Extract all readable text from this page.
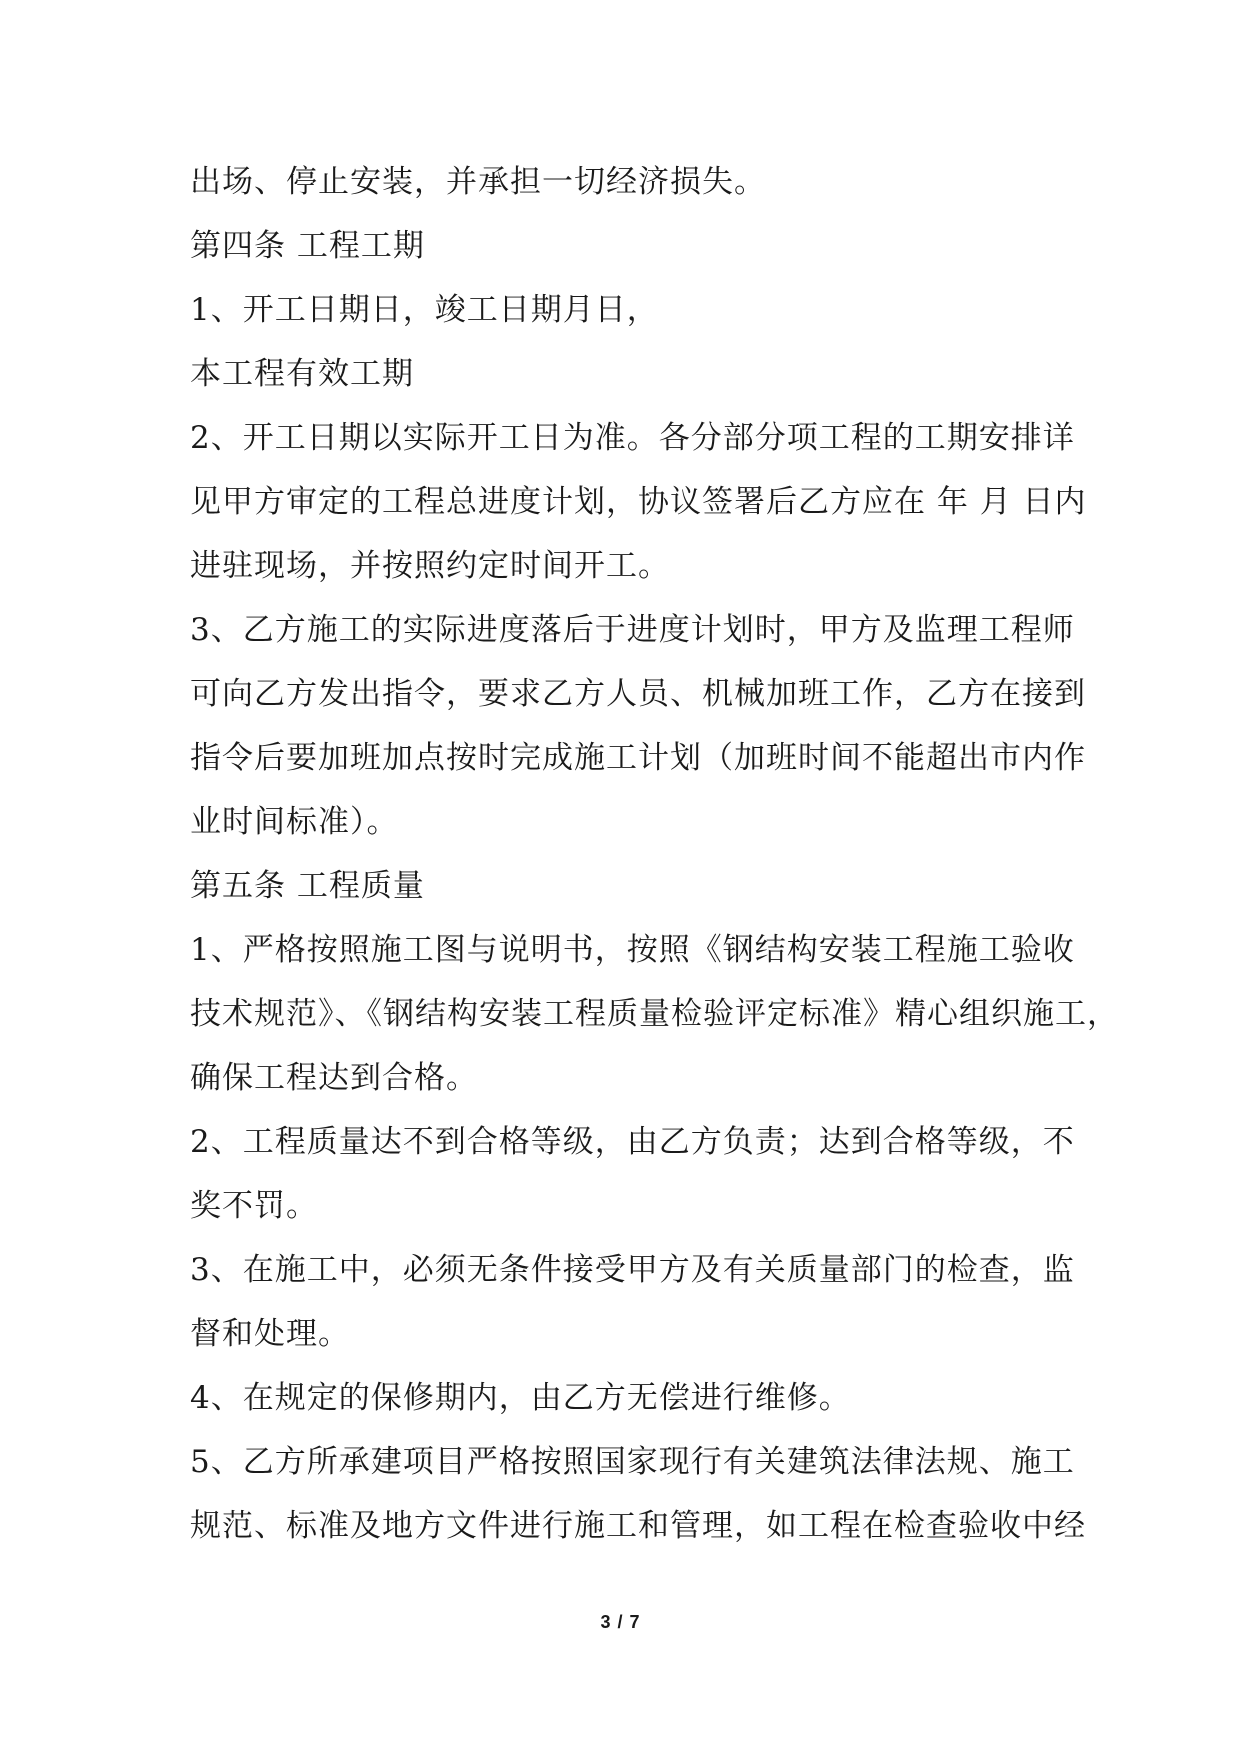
出场、停止安装，并承担一切经济损失。
第四条 工程工期
1、开工日期日，竣工日期月日，
本工程有效工期
2、开工日期以实际开工日为准。各分部分项工程的工期安排详
见甲方审定的工程总进度计划，协议签署后乙方应在 年 月 日内
进驻现场，并按照约定时间开工。
3、乙方施工的实际进度落后于进度计划时，甲方及监理工程师
可向乙方发出指令，要求乙方人员、机械加班工作，乙方在接到
指令后要加班加点按时完成施工计划（加班时间不能超出市内作
业时间标准）。
第五条 工程质量
1、严格按照施工图与说明书，按照《钢结构安装工程施工验收
技术规范》、《钢结构安装工程质量检验评定标准》精心组织施工，
确保工程达到合格。
2、工程质量达不到合格等级，由乙方负责；达到合格等级，不
奖不罚。
3、在施工中，必须无条件接受甲方及有关质量部门的检查，监
督和处理。
4、在规定的保修期内，由乙方无偿进行维修。
5、乙方所承建项目严格按照国家现行有关建筑法律法规、施工
规范、标准及地方文件进行施工和管理，如工程在检查验收中经
3 / 7
